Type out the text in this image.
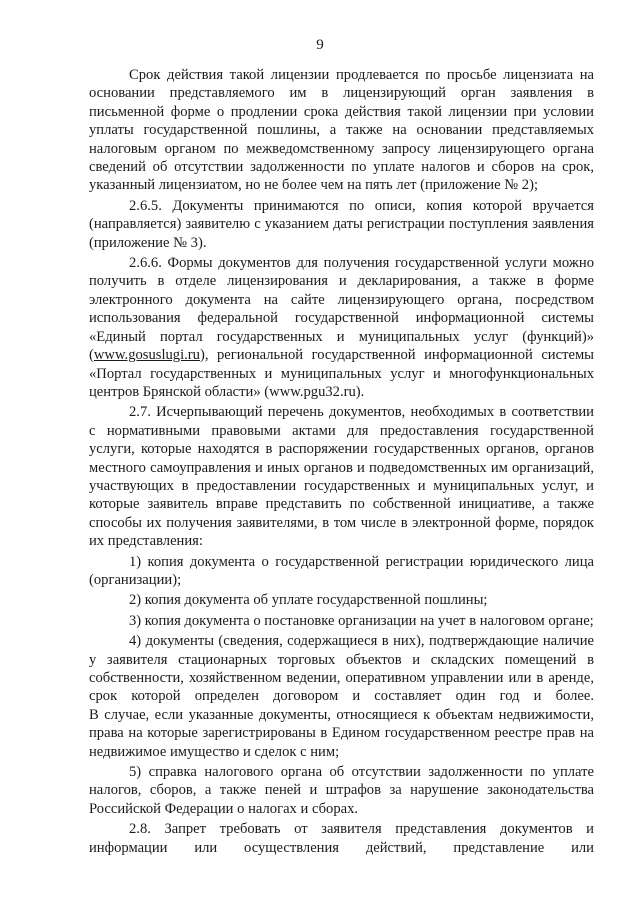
9

Срок действия такой лицензии продлевается по просьбе лицензиата на основании представляемого им в лицензирующий орган заявления в письменной форме о продлении срока действия такой лицензии при условии уплаты государственной пошлины, а также на основании представляемых налоговым органом по межведомственному запросу лицензирующего органа сведений об отсутствии задолженности по уплате налогов и сборов на срок, указанный лицензиатом, но не более чем на пять лет (приложение № 2);

2.6.5. Документы принимаются по описи, копия которой вручается (направляется) заявителю с указанием даты регистрации поступления заявления (приложение № 3).

2.6.6. Формы документов для получения государственной услуги можно получить в отделе лицензирования и декларирования, а также в форме электронного документа на сайте лицензирующего органа, посредством использования федеральной государственной информационной системы «Единый портал государственных и муниципальных услуг (функций)» (www.gosuslugi.ru), региональной государственной информационной системы «Портал государственных и муниципальных услуг и многофункциональных центров Брянской области» (www.pgu32.ru).

2.7. Исчерпывающий перечень документов, необходимых в соответствии с нормативными правовыми актами для предоставления государственной услуги, которые находятся в распоряжении государственных органов, органов местного самоуправления и иных органов и подведомственных им организаций, участвующих в предоставлении государственных и муниципальных услуг, и которые заявитель вправе представить по собственной инициативе, а также способы их получения заявителями, в том числе в электронной форме, порядок их представления:

1) копия документа о государственной регистрации юридического лица (организации);

2) копия документа об уплате государственной пошлины;

3) копия документа о постановке организации на учет в налоговом органе;

4) документы (сведения, содержащиеся в них), подтверждающие наличие у заявителя стационарных торговых объектов и складских помещений в собственности, хозяйственном ведении, оперативном управлении или в аренде, срок которой определен договором и составляет один год и более.

В случае, если указанные документы, относящиеся к объектам недвижимости, права на которые зарегистрированы в Едином государственном реестре прав на недвижимое имущество и сделок с ним;

5) справка налогового органа об отсутствии задолженности по уплате налогов, сборов, а также пеней и штрафов за нарушение законодательства Российской Федерации о налогах и сборах.

2.8. Запрет требовать от заявителя представления документов и информации или осуществления действий, представление или
